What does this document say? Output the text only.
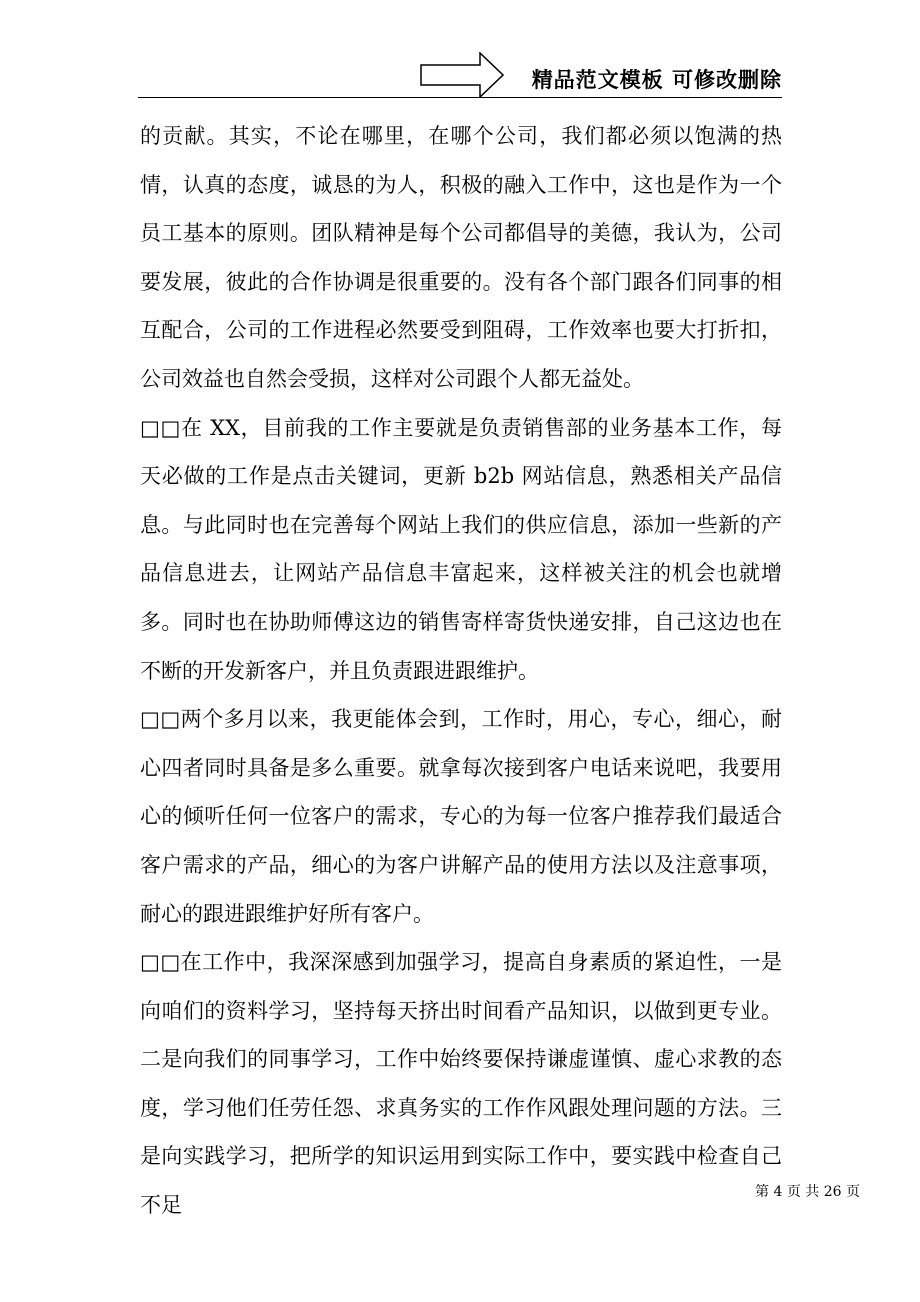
精品范文模板 可修改删除

的贡献。其实，不论在哪里，在哪个公司，我们都必须以饱满的热情，认真的态度，诚恳的为人，积极的融入工作中，这也是作为一个员工基本的原则。团队精神是每个公司都倡导的美德，我认为，公司要发展，彼此的合作协调是很重要的。没有各个部门跟各们同事的相互配合，公司的工作进程必然要受到阻碍，工作效率也要大打折扣，公司效益也自然会受损，这样对公司跟个人都无益处。

□□在 XX，目前我的工作主要就是负责销售部的业务基本工作，每天必做的工作是点击关键词，更新 b2b 网站信息，熟悉相关产品信息。与此同时也在完善每个网站上我们的供应信息，添加一些新的产品信息进去，让网站产品信息丰富起来，这样被关注的机会也就增多。同时也在协助师傅这边的销售寄样寄货快递安排，自己这边也在不断的开发新客户，并且负责跟进跟维护。

□□两个多月以来，我更能体会到，工作时，用心，专心，细心，耐心四者同时具备是多么重要。就拿每次接到客户电话来说吧，我要用心的倾听任何一位客户的需求，专心的为每一位客户推荐我们最适合客户需求的产品，细心的为客户讲解产品的使用方法以及注意事项，耐心的跟进跟维护好所有客户。

□□在工作中，我深深感到加强学习，提高自身素质的紧迫性，一是向咱们的资料学习，坚持每天挤出时间看产品知识，以做到更专业。二是向我们的同事学习，工作中始终要保持谦虚谨慎、虚心求教的态度，学习他们任劳任怨、求真务实的工作作风跟处理问题的方法。三是向实践学习，把所学的知识运用到实际工作中，要实践中检查自己不足

第 4 页 共 26 页
